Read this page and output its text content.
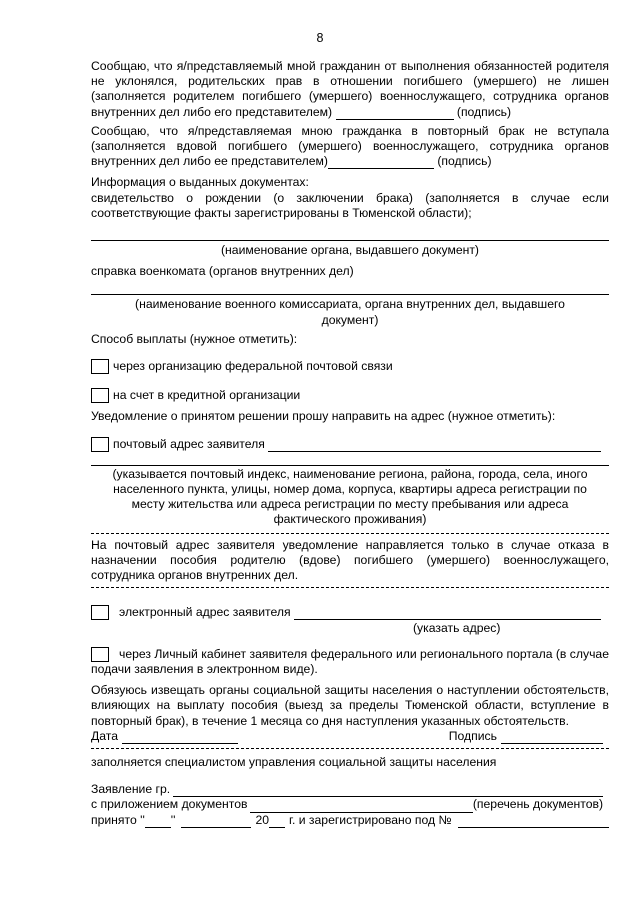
8
Сообщаю, что я/представляемый мной гражданин от выполнения обязанностей родителя не уклонялся, родительских прав в отношении погибшего (умершего) не лишен (заполняется родителем погибшего (умершего) военнослужащего, сотрудника органов внутренних дел либо его представителем)	(подпись)
Сообщаю, что я/представляемая мною гражданка в повторный брак не вступала (заполняется вдовой погибшего (умершего) военнослужащего, сотрудника органов внутренних дел либо ее представителем)	(подпись)
Информация о выданных документах:
свидетельство о рождении (о заключении брака) (заполняется в случае если соответствующие факты зарегистрированы в Тюменской области);
(наименование органа, выдавшего документ)
справка военкомата (органов внутренних дел)
(наименование военного комиссариата, органа внутренних дел, выдавшего документ)
Способ выплаты (нужное отметить):
через организацию федеральной почтовой связи
на счет в кредитной организации
Уведомление о принятом решении прошу направить на адрес (нужное отметить):
почтовый адрес заявителя
(указывается почтовый индекс, наименование региона, района, города, села, иного населенного пункта, улицы, номер дома, корпуса, квартиры адреса регистрации по месту жительства или адреса регистрации по месту пребывания или адреса фактического проживания)
На почтовый адрес заявителя уведомление направляется только в случае отказа в назначении пособия родителю (вдове) погибшего (умершего) военнослужащего, сотрудника органов внутренних дел.
электронный адрес заявителя
(указать адрес)
через Личный кабинет заявителя федерального или регионального портала (в случае подачи заявления в электронном виде).
Обязуюсь извещать органы социальной защиты населения о наступлении обстоятельств, влияющих на выплату пособия (выезд за пределы Тюменской области, вступление в повторный брак), в течение 1 месяца со дня наступления указанных обстоятельств.
Дата	Подпись
заполняется специалистом управления социальной защиты населения
Заявление гр.
с приложением документов	(перечень документов)
принято '' ''	20 г. и зарегистрировано под №
